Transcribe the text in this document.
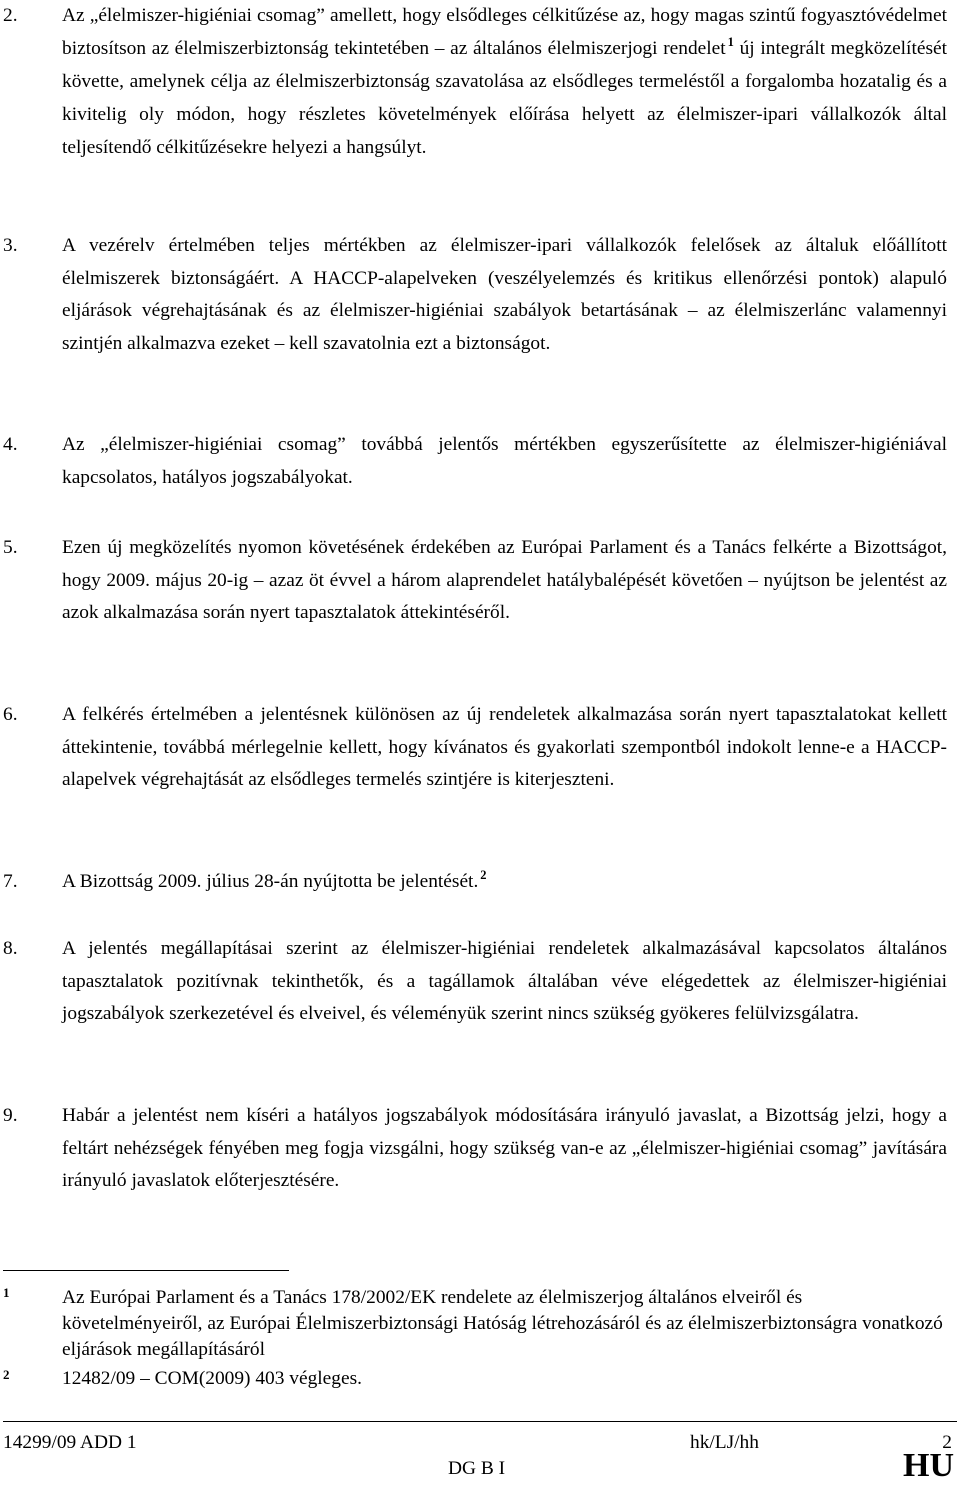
2. Az „élelmiszer-higiéniai csomag” amellett, hogy elsődleges célkitűzése az, hogy magas szintű fogyasztóvédelmet biztosítson az élelmiszerbiztonság tekintetében – az általános élelmiszerjogi rendelet $^1$ új integrált megközelítését követte, amelynek célja az élelmiszerbiztonság szavatolása az elsődleges termeléstől a forgalomba hozatalig és a kivitelig oly módon, hogy részletes követelmények előírása helyett az élelmiszer-ipari vállalkozók által teljesítendő célkitűzésekre helyezi a hangsúlyt.
3. A vezérelv értelmében teljes mértékben az élelmiszer-ipari vállalkozók felelősek az általuk előállított élelmiszerek biztonságáért. A HACCP-alapelveken (veszélyelemzés és kritikus ellenőrzési pontok) alapuló eljárások végrehajtásának és az élelmiszer-higiéniai szabályok betartásának – az élelmiszerlánc valamennyi szintjén alkalmazva ezeket – kell szavatolnia ezt a biztonságot.
4. Az „élelmiszer-higiéniai csomag” továbbá jelentős mértékben egyszerűsítette az élelmiszer-higiéniával kapcsolatos, hatályos jogszabályokat.
5. Ezen új megközelítés nyomon követésének érdekében az Európai Parlament és a Tanács felkérte a Bizottságot, hogy 2009. május 20-ig – azaz öt évvel a három alaprendelet hatálybalépését követően – nyújtson be jelentést az azok alkalmazása során nyert tapasztalatok áttekintéséről.
6. A felkérés értelmében a jelentésnek különösen az új rendeletek alkalmazása során nyert tapasztalatokat kellett áttekintenie, továbbá mérlegelnie kellett, hogy kívánatos és gyakorlati szempontból indokolt lenne-e a HACCP-alapelvek végrehajtását az elsődleges termelés szintjére is kiterjeszteni.
7. A Bizottság 2009. július 28-án nyújtotta be jelentését. $^2$
8. A jelentés megállapításai szerint az élelmiszer-higiéniai rendeletek alkalmazásával kapcsolatos általános tapasztalatok pozitívnak tekinthetők, és a tagállamok általában véve elégedettek az élelmiszer-higiéniai jogszabályok szerkezetével és elveivel, és véleményük szerint nincs szükség gyökeres felülvizsgálatra.
9. Habár a jelentést nem kíséri a hatályos jogszabályok módosítására irányuló javaslat, a Bizottság jelzi, hogy a feltárt nehézségek fényében meg fogja vizsgálni, hogy szükség van-e az „élelmiszer-higiéniai csomag” javítására irányuló javaslatok előterjesztésére.
1	Az Európai Parlament és a Tanács 178/2002/EK rendelete az élelmiszerjog általános elveiről és követelményeiről, az Európai Élelmiszerbiztonsági Hatóság létrehozásáról és az élelmiszerbiztonságra vonatkozó eljárások megállapításáról
2	12482/09 – COM(2009) 403 végleges.
14299/09 ADD 1	hk/LJ/hh	2
DG B I	HU
